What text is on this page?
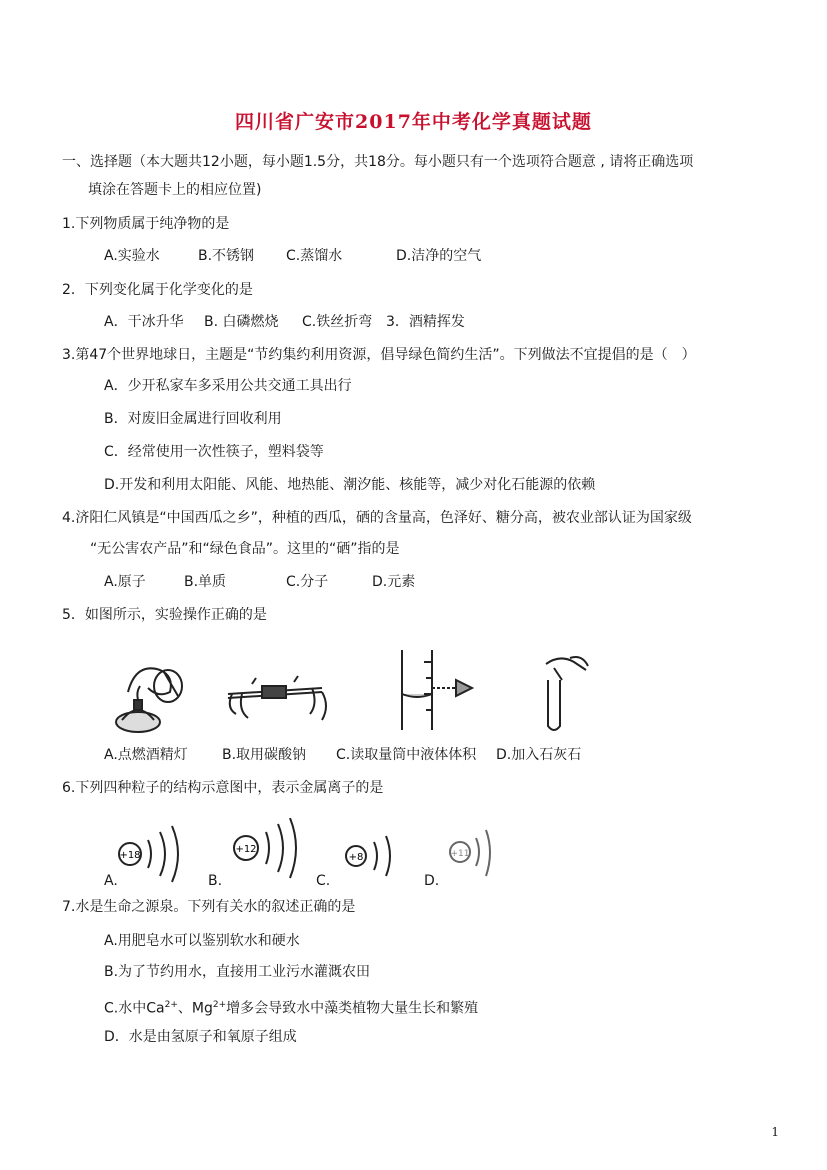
四川省广安市2017年中考化学真题试题
一、选择题（本大题共12小题，每小题1.5分，共18分。每小题只有一个选项符合题意 , 请将正确选项
填涂在答题卡上的相应位置)
1.下列物质属于纯净物的是
A.实验水	B.不锈钢 C.蒸馏水	D.洁净的空气
2．下列变化属于化学变化的是
A．干冰升华 B. 白磷燃烧 C.铁丝折弯 3．酒精挥发
3.第47个世界地球日，主题是“节约集约利用资源，倡导绿色简约生活”。下列做法不宜提倡的是（　）
A．少开私家车多采用公共交通工具出行
B．对废旧金属进行回收利用
C．经常使用一次性筷子，塑料袋等
D.开发和利用太阳能、风能、地热能、潮汐能、核能等，减少对化石能源的依赖
4.济阳仁风镇是“中国西瓜之乡”，种植的西瓜，硒的含量高，色泽好、糖分高，被农业部认证为国家级
“无公害农产品”和“绿色食品”。这里的“硒”指的是
A.原子	B.单质	C.分子	D.元素
5．如图所示，实验操作正确的是
A.点燃酒精灯 B.取用碳酸钠 C.读取量筒中液体体积 D.加入石灰石
6.下列四种粒子的结构示意图中，表示金属离子的是
+18
+12
+8	+11
A.	B.	C.	D.
7.水是生命之源泉。下列有关水的叙述正确的是
A.用肥皂水可以鉴别软水和硬水
B.为了节约用水，直接用工业污水灌溉农田
C.水中$Ca^{2+}$、$Mg^{2+}$增多会导致水中藻类植物大量生长和繁殖
D．水是由氢原子和氧原子组成
1
